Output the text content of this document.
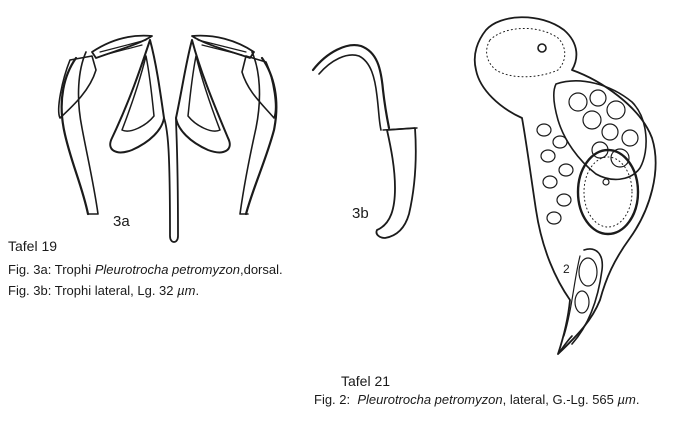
3a	3b
2
Tafel 19
Fig. 3a: Trophi Pleurotrocha petromyzon,dorsal.
Fig. 3b: Trophi lateral, Lg. 32 µm.
Tafel 21
Fig. 2: Pleurotrocha petromyzon, lateral, G.-Lg. 565 µm.
